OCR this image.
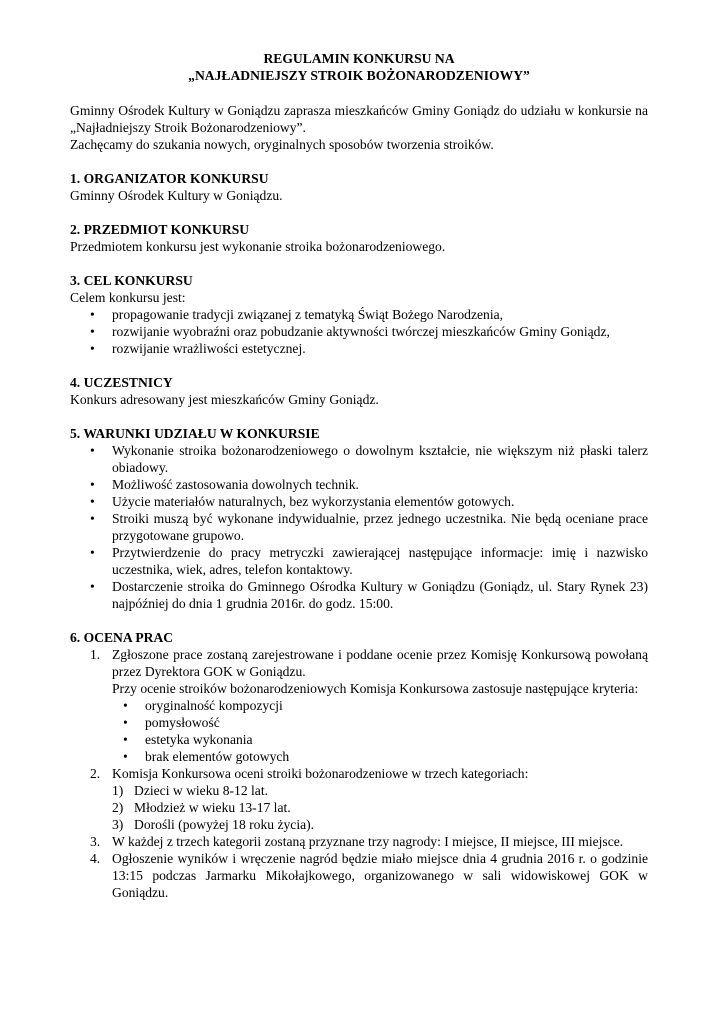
REGULAMIN KONKURSU NA
„NAJŁADNIEJSZY STROIK BOŻONARODZENIOWY”

Gminny Ośrodek Kultury w Goniądzu zaprasza mieszkańców Gminy Goniądz do udziału w konkursie na „Najładniejszy Stroik Bożonarodzeniowy”.

Zachęcamy do szukania nowych, oryginalnych sposobów tworzenia stroików.

1. ORGANIZATOR KONKURSU

Gminny Ośrodek Kultury w Goniądzu.

2. PRZEDMIOT KONKURSU

Przedmiotem konkursu jest wykonanie stroika bożonarodzeniowego.

3. CEL KONKURSU

Celem konkursu jest:

• propagowanie tradycji związanej z tematyką Świąt Bożego Narodzenia,
• rozwijanie wyobraźni oraz pobudzanie aktywności twórczej mieszkańców Gminy Goniądz,
• rozwijanie wrażliwości estetycznej.
4. UCZESTNICY

Konkurs adresowany jest mieszkańców Gminy Goniądz.

5. WARUNKI UDZIAŁU W KONKURSIE
• Wykonanie stroika bożonarodzeniowego o dowolnym kształcie, nie większym niż płaski talerz obiadowy.
• Możliwość zastosowania dowolnych technik.
• Użycie materiałów naturalnych, bez wykorzystania elementów gotowych.
• Stroiki muszą być wykonane indywidualnie, przez jednego uczestnika. Nie będą oceniane prace przygotowane grupowo.
• Przytwierdzenie do pracy metryczki zawierającej następujące informacje: imię i nazwisko uczestnika, wiek, adres, telefon kontaktowy.
• Dostarczenie stroika do Gminnego Ośrodka Kultury w Goniądzu (Goniądz, ul. Stary Rynek 23) najpóźniej do dnia 1 grudnia 2016r. do godz. 15:00.
6. OCENA PRAC
1. Zgłoszone prace zostaną zarejestrowane i poddane ocenie przez Komisję Konkursową powołaną przez Dyrektora GOK w Goniądzu.

Przy ocenie stroików bożonarodzeniowych Komisja Konkursowa zastosuje następujące kryteria:

• oryginalność kompozycji
• pomysłowość
• estetyka wykonania
• brak elementów gotowych
2. Komisja Konkursowa oceni stroiki bożonarodzeniowe w trzech kategoriach:

1) Dzieci w wieku 8-12 lat.
2) Młodzież w wieku 13-17 lat.
3) Dorośli (powyżej 18 roku życia).
3. W każdej z trzech kategorii zostaną przyznane trzy nagrody: I miejsce, II miejsce, III miejsce.

4. Ogłoszenie wyników i wręczenie nagród będzie miało miejsce dnia 4 grudnia 2016 r. o godzinie 13:15 podczas Jarmarku Mikołajkowego, organizowanego w sali widowiskowej GOK w Goniądzu.
